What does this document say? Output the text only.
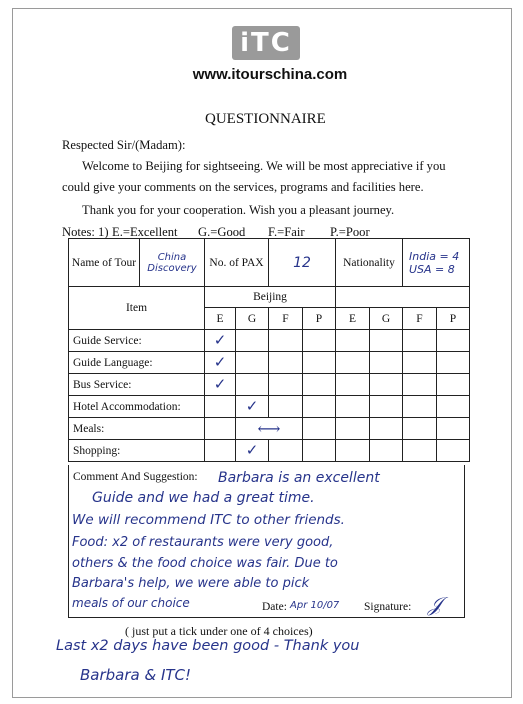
iTC
www.itourschina.com
QUESTIONNAIRE
Respected Sir/(Madam):
Welcome to Beijing for sightseeing. We will be most appreciative if you
could give your comments on the services, programs and facilities here.
Thank you for your cooperation. Wish you a pleasant journey.
Notes: 1) E.=Excellent G.=Good F.=Fair P.=Poor
Name of Tour	China Discovery	No. of PAX		12		Nationality		India = 4
USA = 8	

Item		Beijing							
		E	G	F	P	E	G	F	P
Guide Service:		✓							
Guide Language:		✓							
Bus Service:		✓							
Hotel Accommodation:			✓						
Meals:			⟷						
Shopping:			✓						
Comment And Suggestion: Barbara is an excellent
Guide and we had a great time.
We will recommend ITC to other friends.
Food: x2 of restaurants were very good,
others & the food choice was fair. Due to
Barbara's help, we were able to pick
meals of our choice	Date: Apr 10/07 Signature: 𝒥
( just put a tick under one of 4 choices)
Last x2 days have been good - Thank you
Barbara & ITC!
